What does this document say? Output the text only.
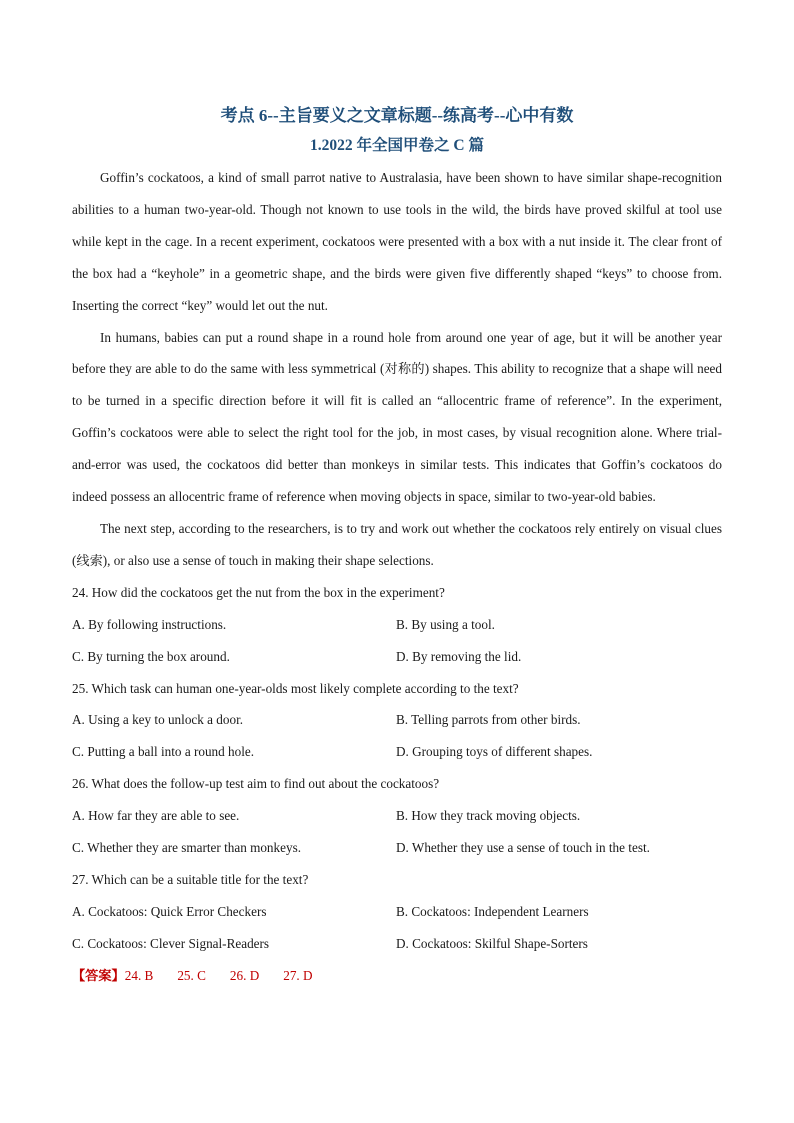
考点 6--主旨要义之文章标题--练高考--心中有数
1.2022 年全国甲卷之 C 篇

Goffin’s cockatoos, a kind of small parrot native to Australasia, have been shown to have similar shape-recognition abilities to a human two-year-old. Though not known to use tools in the wild, the birds have proved skilful at tool use while kept in the cage. In a recent experiment, cockatoos were presented with a box with a nut inside it. The clear front of the box had a “keyhole” in a geometric shape, and the birds were given five differently shaped “keys” to choose from. Inserting the correct “key” would let out the nut.

In humans, babies can put a round shape in a round hole from around one year of age, but it will be another year before they are able to do the same with less symmetrical (对称的) shapes. This ability to recognize that a shape will need to be turned in a specific direction before it will fit is called an “allocentric frame of reference”. In the experiment, Goffin’s cockatoos were able to select the right tool for the job, in most cases, by visual recognition alone. Where trial-and-error was used, the cockatoos did better than monkeys in similar tests. This indicates that Goffin’s cockatoos do indeed possess an allocentric frame of reference when moving objects in space, similar to two-year-old babies.

The next step, according to the researchers, is to try and work out whether the cockatoos rely entirely on visual clues (线索), or also use a sense of touch in making their shape selections.

24. How did the cockatoos get the nut from the box in the experiment?

A. By following instructions.	B. By using a tool.
C. By turning the box around.	D. By removing the lid.

25. Which task can human one-year-olds most likely complete according to the text?

A. Using a key to unlock a door.	B. Telling parrots from other birds.
C. Putting a ball into a round hole.	D. Grouping toys of different shapes.

26. What does the follow-up test aim to find out about the cockatoos?

A. How far they are able to see.	B. How they track moving objects.
C. Whether they are smarter than monkeys.	D. Whether they use a sense of touch in the test.

27. Which can be a suitable title for the text?

A. Cockatoos: Quick Error Checkers	B. Cockatoos: Independent Learners
C. Cockatoos: Clever Signal-Readers	D. Cockatoos: Skilful Shape-Sorters

【答案】24. B 25. C 26. D 27. D
